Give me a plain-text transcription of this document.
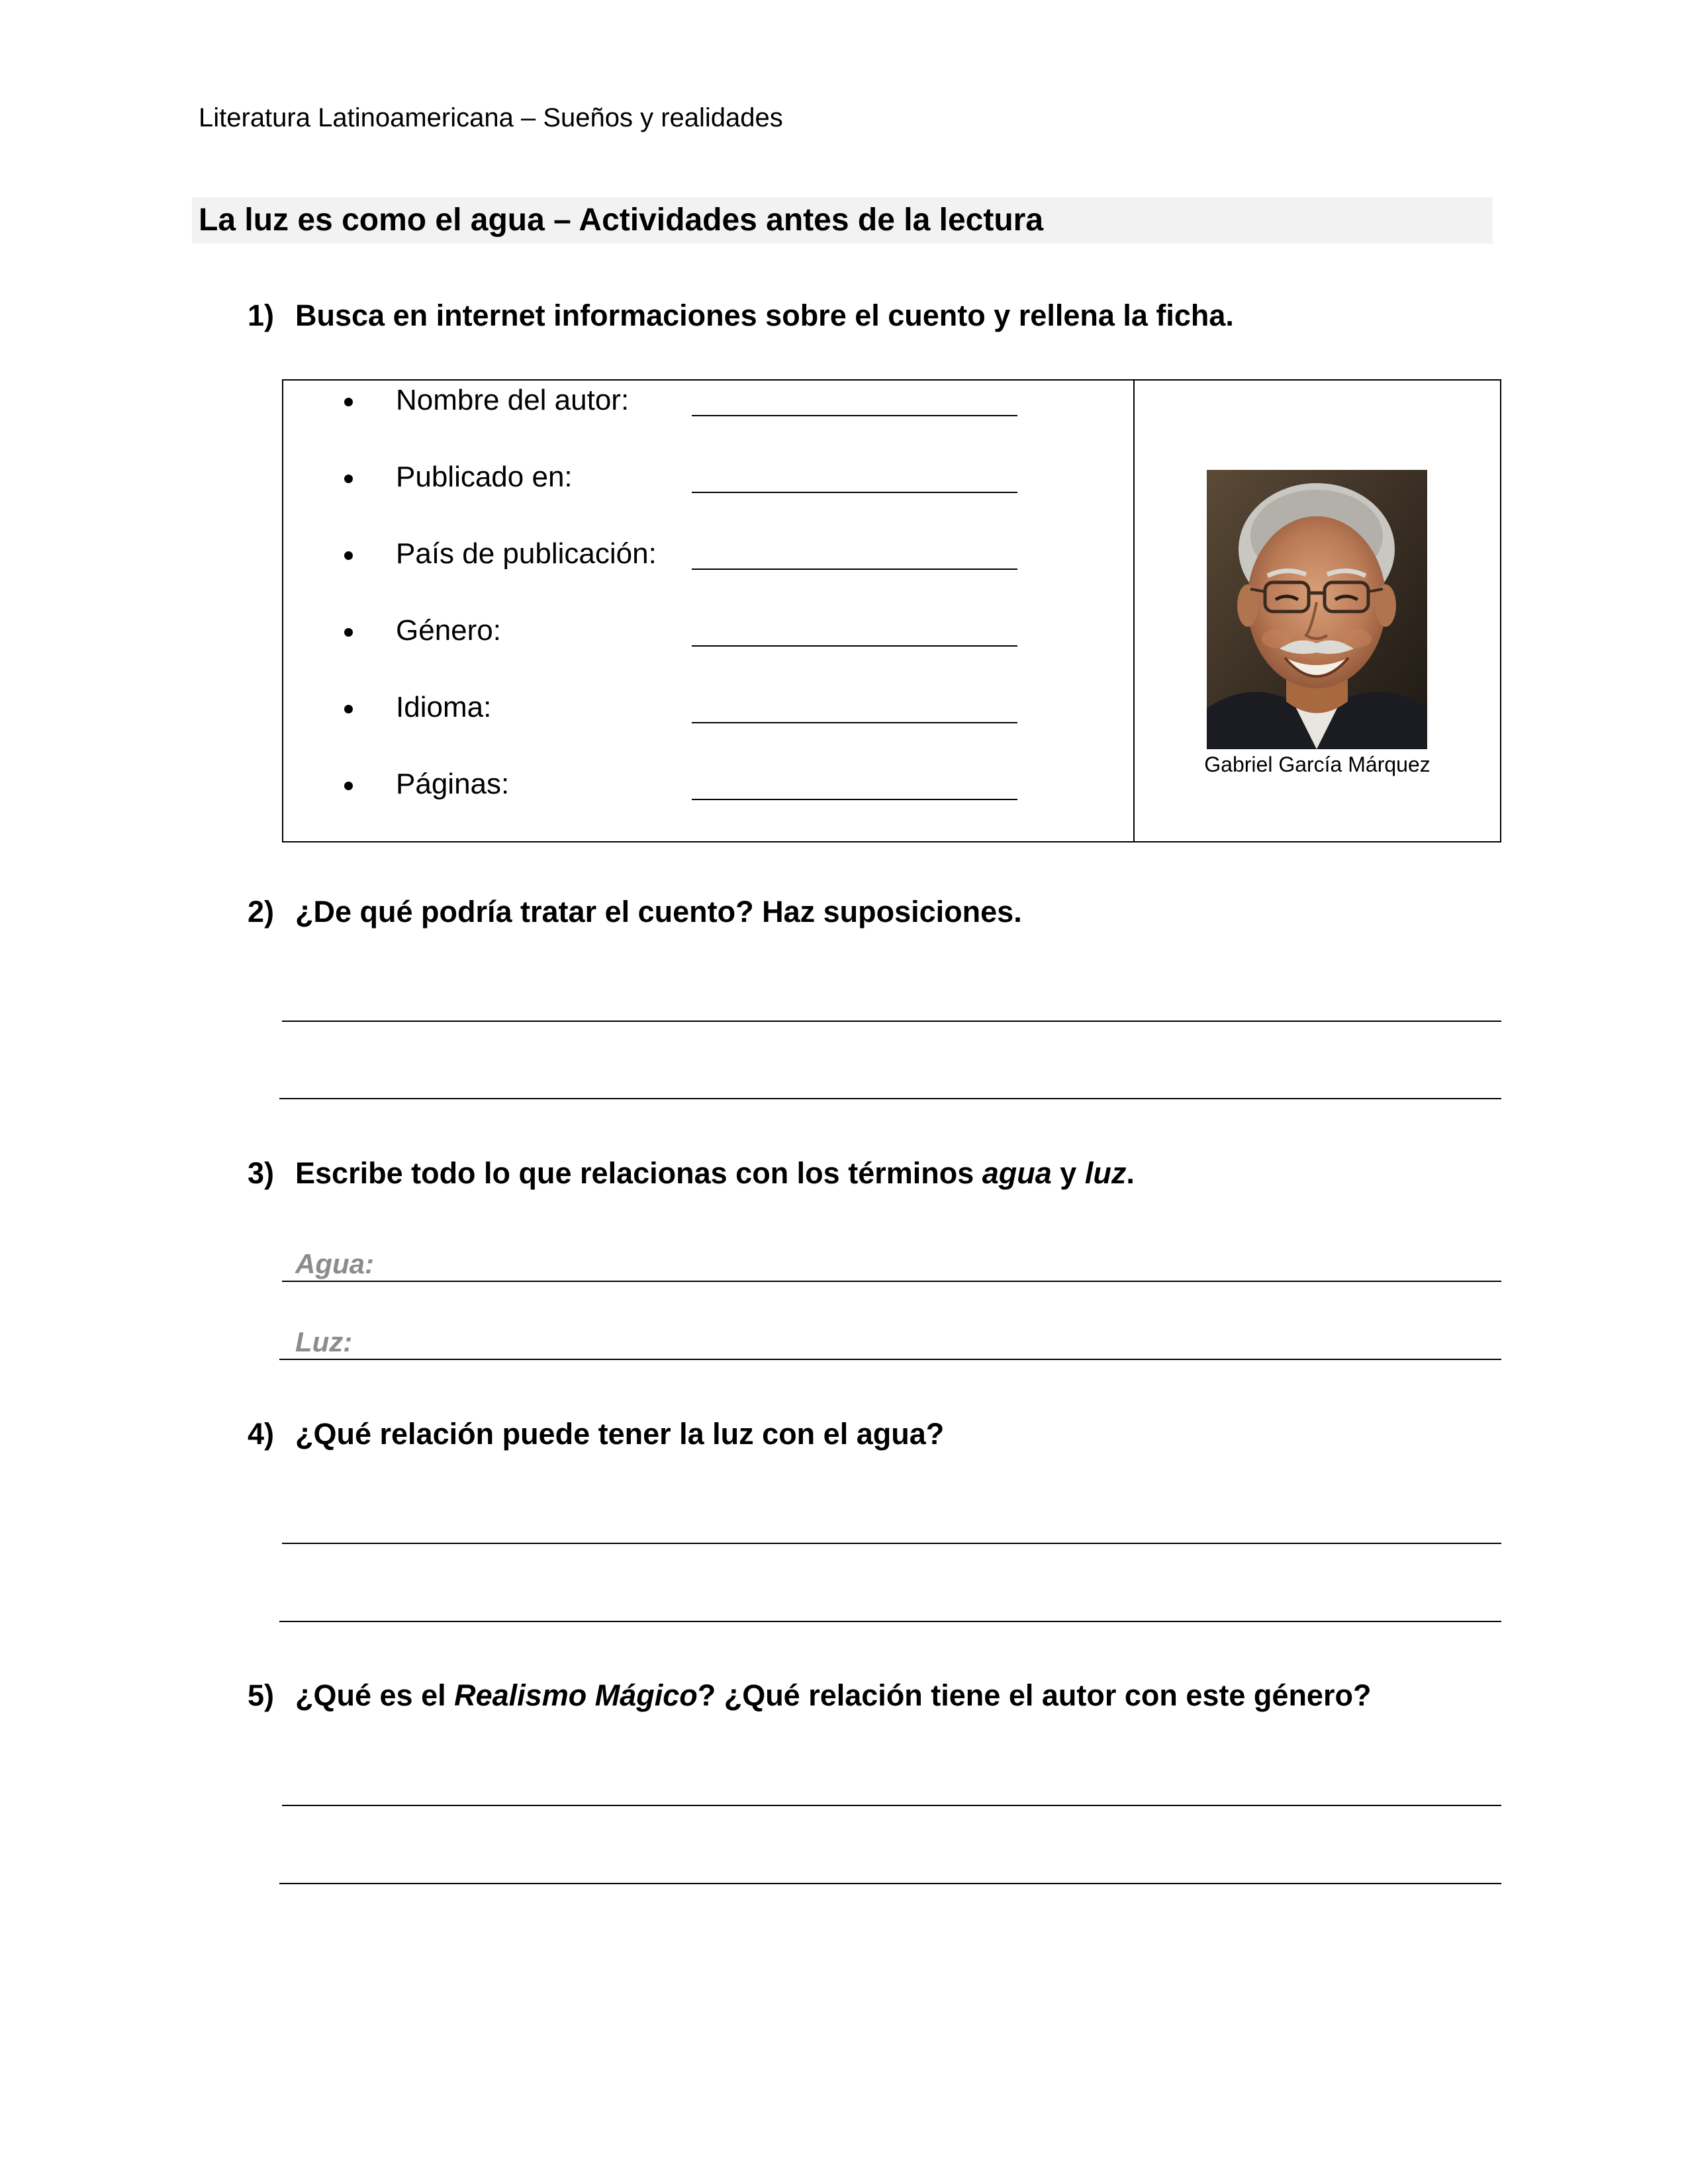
Literatura Latinoamericana – Sueños y realidades
La luz es como el agua – Actividades antes de la lectura
1) Busca en internet informaciones sobre el cuento y rellena la ficha.
Nombre del autor:
Publicado en:
País de publicación:
Género:
Idioma:
Páginas:
Gabriel García Márquez
2) ¿De qué podría tratar el cuento? Haz suposiciones.
3) Escribe todo lo que relacionas con los términos agua y luz.
Agua:
Luz:
4) ¿Qué relación puede tener la luz con el agua?
5) ¿Qué es el Realismo Mágico? ¿Qué relación tiene el autor con este género?
